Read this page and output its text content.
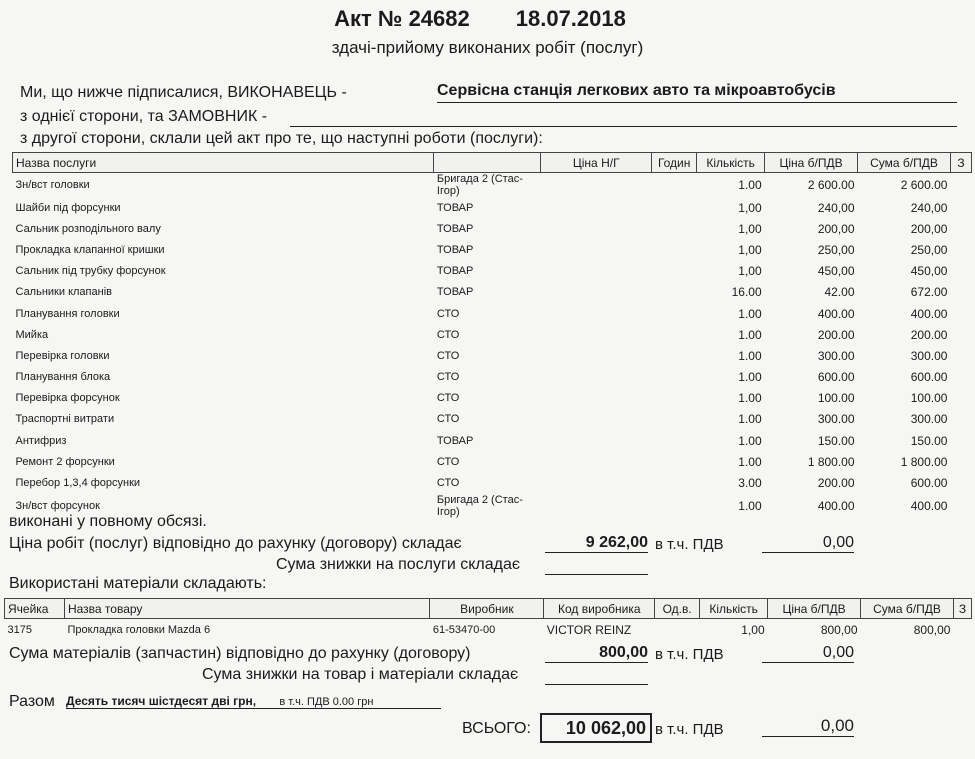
Акт № 24682 18.07.2018
здачі-прийому виконаних робіт (послуг)
Ми, що нижче підписалися, ВИКОНАВЕЦЬ -	Сервісна станція легкових авто та мікроавтобусів
з однієї сторони, та ЗАМОВНИК -
з другої сторони, склали цей акт про те, що наступні роботи (послуги):
Назва послуги		Ціна Н/Г	Годин	Кількість	Ціна б/ПДВ	Сума б/ПДВ	З
Зн/вст головки	Бригада 2 (Стас-Ігор)			1.00	2 600.00	2 600.00	
Шайби під форсунки	ТОВАР			1,00	240,00	240,00	
Сальник розподільного валу	ТОВАР			1,00	200,00	200,00	
Прокладка клапанної кришки	ТОВАР			1,00	250,00	250,00	
Сальник під трубку форсунок	ТОВАР			1,00	450,00	450,00	
Сальники клапанів	ТОВАР			16.00	42.00	672.00	
Планування головки	СТО			1.00	400.00	400.00	
Мийка	СТО			1.00	200.00	200.00	
Перевірка головки	СТО			1.00	300.00	300.00	
Планування блока	СТО			1.00	600.00	600.00	
Перевірка форсунок	СТО			1.00	100.00	100.00	
Траспортні витрати	СТО			1.00	300.00	300.00	
Антифриз	ТОВАР			1.00	150.00	150.00	
Ремонт 2 форсунки	СТО			1.00	1 800.00	1 800.00	
Перебор 1,3,4 форсунки	СТО			3.00	200.00	600.00	
Зн/вст форсунок	Бригада 2 (Стас-Ігор)			1.00	400.00	400.00	
виконані у повному обсязі.
Ціна робіт (послуг) відповідно до рахунку (договору) складає	9 262,00 в т.ч. ПДВ	0,00
Сума знижки на послуги складає
Використані матеріали складають:
Ячейка	Назва товару	Виробник	Код виробника	Од.в.	Кількість	Ціна б/ПДВ	Сума б/ПДВ	З
3175	Прокладка головки Mazda 6	61-53470-00	VICTOR REINZ		1,00	800,00	800,00	
Сума матеріалів (запчастин) відповідно до рахунку (договору)	800,00 в т.ч. ПДВ	0,00
Сума знижки на товар і матеріали складає
Разом Десять тисяч шістдесят дві грн, в т.ч. ПДВ 0.00 грн
ВСЬОГО:	10 062,00 в т.ч. ПДВ	0,00
